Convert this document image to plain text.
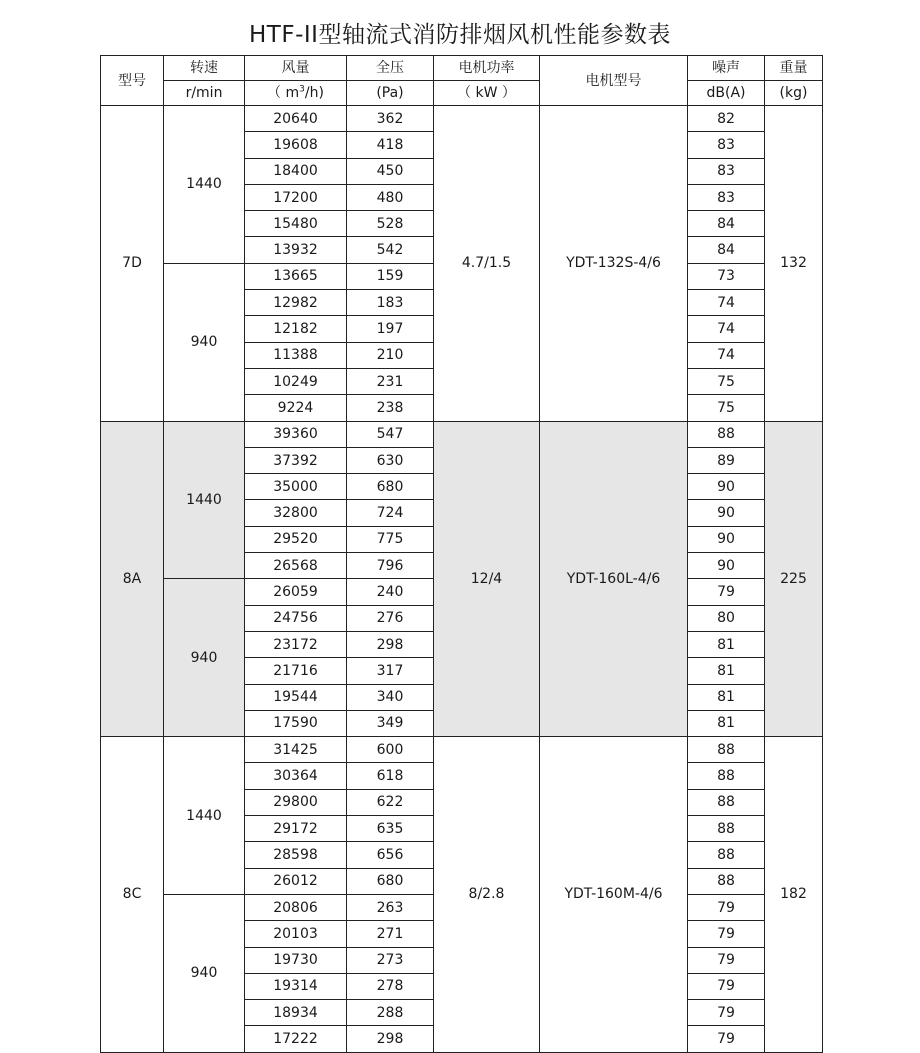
HTF-II型轴流式消防排烟风机性能参数表
型号	转速	风量	全压	电机功率	电机型号	噪声	重量
	r/min	（ $m^3/h$)	(Pa)	（ kW ）		dB(A)	(kg)
7D	1440	20640	362	4.7/1.5	YDT-132S-4/6	82	132
		19608	418			83	
		18400	450			83	
		17200	480			83	
		15480	528			84	
		13932	542			84	
	940	13665	159			73	
		12982	183			74	
		12182	197			74	
		11388	210			74	
		10249	231			75	
		9224	238			75	
8A	1440	39360	547	12/4	YDT-160L-4/6	88	225
		37392	630			89	
		35000	680			90	
		32800	724			90	
		29520	775			90	
		26568	796			90	
	940	26059	240			79	
		24756	276			80	
		23172	298			81	
		21716	317			81	
		19544	340			81	
		17590	349			81	
8C	1440	31425	600	8/2.8	YDT-160M-4/6	88	182
		30364	618			88	
		29800	622			88	
		29172	635			88	
		28598	656			88	
		26012	680			88	
	940	20806	263			79	
		20103	271			79	
		19730	273			79	
		19314	278			79	
		18934	288			79	
		17222	298			79	
